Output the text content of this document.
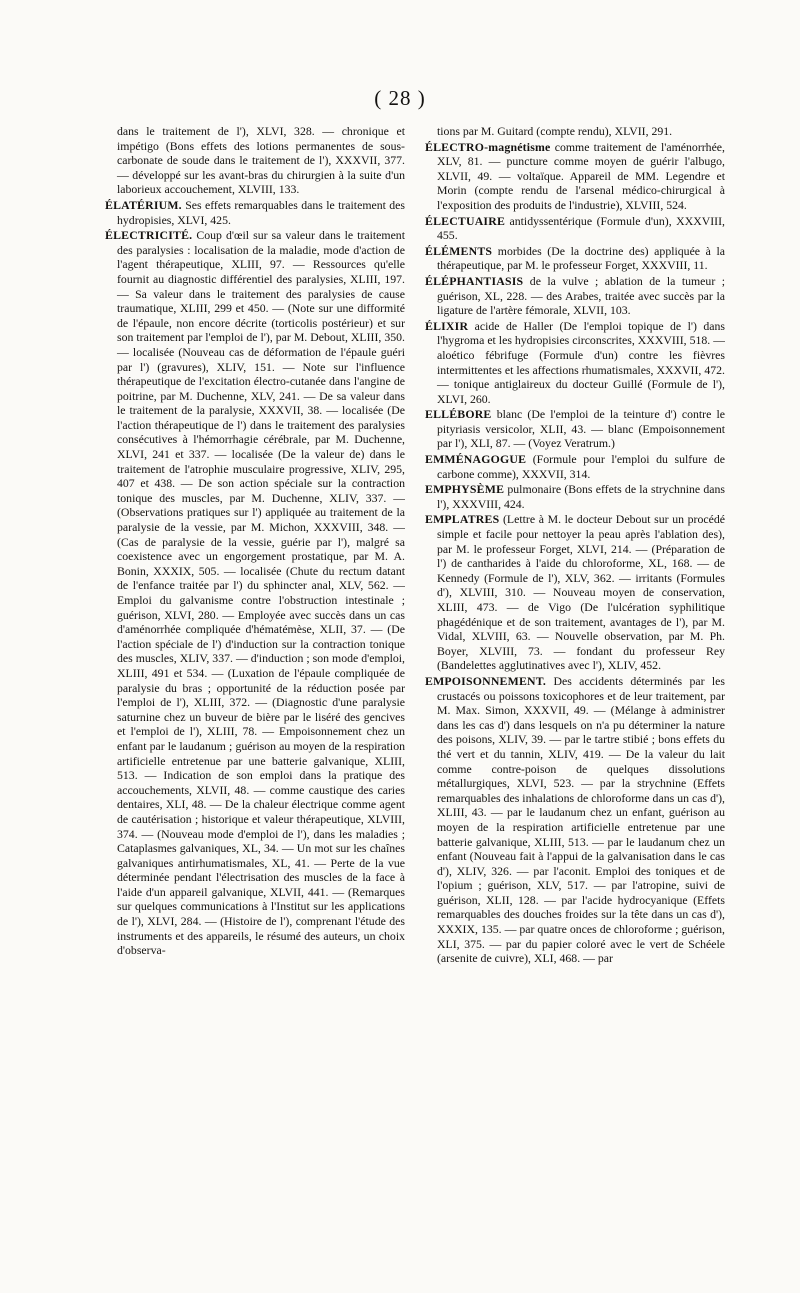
( 28 )

dans le traitement de l'), XLVI, 328. — chronique et impétigo (Bons effets des lotions permanentes de sous-carbonate de soude dans le traitement de l'), XXXVII, 377. — développé sur les avant-bras du chirurgien à la suite d'un laborieux accouchement, XLVIII, 133.

ÉLATÉRIUM. Ses effets remarquables dans le traitement des hydropisies, XLVI, 425.

ÉLECTRICITÉ. Coup d'œil sur sa valeur dans le traitement des paralysies : localisation de la maladie, mode d'action de l'agent thérapeutique, XLIII, 97. — Ressources qu'elle fournit au diagnostic différentiel des paralysies, XLIII, 197. — Sa valeur dans le traitement des paralysies de cause traumatique, XLIII, 299 et 450. — (Note sur une difformité de l'épaule, non encore décrite (torticolis postérieur) et sur son traitement par l'emploi de l'), par M. Debout, XLIII, 350. — localisée (Nouveau cas de déformation de l'épaule guéri par l') (gravures), XLIV, 151. — Note sur l'influence thérapeutique de l'excitation électro-cutanée dans l'angine de poitrine, par M. Duchenne, XLV, 241. — De sa valeur dans le traitement de la paralysie, XXXVII, 38. — localisée (De l'action thérapeutique de l') dans le traitement des paralysies consécutives à l'hémorrhagie cérébrale, par M. Duchenne, XLVI, 241 et 337. — localisée (De la valeur de) dans le traitement de l'atrophie musculaire progressive, XLIV, 295, 407 et 438. — De son action spéciale sur la contraction tonique des muscles, par M. Duchenne, XLIV, 337. — (Observations pratiques sur l') appliquée au traitement de la paralysie de la vessie, par M. Michon, XXXVIII, 348. — (Cas de paralysie de la vessie, guérie par l'), malgré sa coexistence avec un engorgement prostatique, par M. A. Bonin, XXXIX, 505. — localisée (Chute du rectum datant de l'enfance traitée par l') du sphincter anal, XLV, 562. — Emploi du galvanisme contre l'obstruction intestinale ; guérison, XLVI, 280. — Employée avec succès dans un cas d'aménorrhée compliquée d'hématémèse, XLII, 37. — (De l'action spéciale de l') d'induction sur la contraction tonique des muscles, XLIV, 337. — d'induction ; son mode d'emploi, XLIII, 491 et 534. — (Luxation de l'épaule compliquée de paralysie du bras ; opportunité de la réduction posée par l'emploi de l'), XLIII, 372. — (Diagnostic d'une paralysie saturnine chez un buveur de bière par le liséré des gencives et l'emploi de l'), XLIII, 78. — Empoisonnement chez un enfant par le laudanum ; guérison au moyen de la respiration artificielle entretenue par une batterie galvanique, XLIII, 513. — Indication de son emploi dans la pratique des accouchements, XLVII, 48. — comme caustique des caries dentaires, XLI, 48. — De la chaleur électrique comme agent de cautérisation ; historique et valeur thérapeutique, XLVIII, 374. — (Nouveau mode d'emploi de l'), dans les maladies ; Cataplasmes galvaniques, XL, 34. — Un mot sur les chaînes galvaniques antirhumatismales, XL, 41. — Perte de la vue déterminée pendant l'électrisation des muscles de la face à l'aide d'un appareil galvanique, XLVII, 441. — (Remarques sur quelques communications à l'Institut sur les applications de l'), XLVI, 284. — (Histoire de l'), comprenant l'étude des instruments et des appareils, le résumé des auteurs, un choix d'observa-

tions par M. Guitard (compte rendu), XLVII, 291.

ÉLECTRO-magnétisme comme traitement de l'aménorrhée, XLV, 81. — puncture comme moyen de guérir l'albugo, XLVII, 49. — voltaïque. Appareil de MM. Legendre et Morin (compte rendu de l'arsenal médico-chirurgical à l'exposition des produits de l'industrie), XLVIII, 524.

ÉLECTUAIRE antidyssentérique (Formule d'un), XXXVIII, 455.

ÉLÉMENTS morbides (De la doctrine des) appliquée à la thérapeutique, par M. le professeur Forget, XXXVIII, 11.

ÉLÉPHANTIASIS de la vulve ; ablation de la tumeur ; guérison, XL, 228. — des Arabes, traitée avec succès par la ligature de l'artère fémorale, XLVII, 103.

ÉLIXIR acide de Haller (De l'emploi topique de l') dans l'hygroma et les hydropisies circonscrites, XXXVIII, 518. — aloético fébrifuge (Formule d'un) contre les fièvres intermittentes et les affections rhumatismales, XXXVII, 472. — tonique antiglaireux du docteur Guillé (Formule de l'), XLVI, 260.

ELLÉBORE blanc (De l'emploi de la teinture d') contre le pityriasis versicolor, XLII, 43. — blanc (Empoisonnement par l'), XLI, 87. — (Voyez Veratrum.)

EMMÉNAGOGUE (Formule pour l'emploi du sulfure de carbone comme), XXXVII, 314.

EMPHYSÈME pulmonaire (Bons effets de la strychnine dans l'), XXXVIII, 424.

EMPLATRES (Lettre à M. le docteur Debout sur un procédé simple et facile pour nettoyer la peau après l'ablation des), par M. le professeur Forget, XLVI, 214. — (Préparation de l') de cantharides à l'aide du chloroforme, XL, 168. — de Kennedy (Formule de l'), XLV, 362. — irritants (Formules d'), XLVIII, 310. — Nouveau moyen de conservation, XLIII, 473. — de Vigo (De l'ulcération syphilitique phagédénique et de son traitement, avantages de l'), par M. Vidal, XLVIII, 63. — Nouvelle observation, par M. Ph. Boyer, XLVIII, 73. — fondant du professeur Rey (Bandelettes agglutinatives avec l'), XLIV, 452.

EMPOISONNEMENT. Des accidents déterminés par les crustacés ou poissons toxicophores et de leur traitement, par M. Max. Simon, XXXVII, 49. — (Mélange à administrer dans les cas d') dans lesquels on n'a pu déterminer la nature des poisons, XLIV, 39. — par le tartre stibié ; bons effets du thé vert et du tannin, XLIV, 419. — De la valeur du lait comme contre-poison de quelques dissolutions métallurgiques, XLVI, 523. — par la strychnine (Effets remarquables des inhalations de chloroforme dans un cas d'), XLIII, 43. — par le laudanum chez un enfant, guérison au moyen de la respiration artificielle entretenue par une batterie galvanique, XLIII, 513. — par le laudanum chez un enfant (Nouveau fait à l'appui de la galvanisation dans le cas d'), XLIV, 326. — par l'aconit. Emploi des toniques et de l'opium ; guérison, XLV, 517. — par l'atropine, suivi de guérison, XLII, 128. — par l'acide hydrocyanique (Effets remarquables des douches froides sur la tête dans un cas d'), XXXIX, 135. — par quatre onces de chloroforme ; guérison, XLI, 375. — par du papier coloré avec le vert de Schéele (arsenite de cuivre), XLI, 468. — par
